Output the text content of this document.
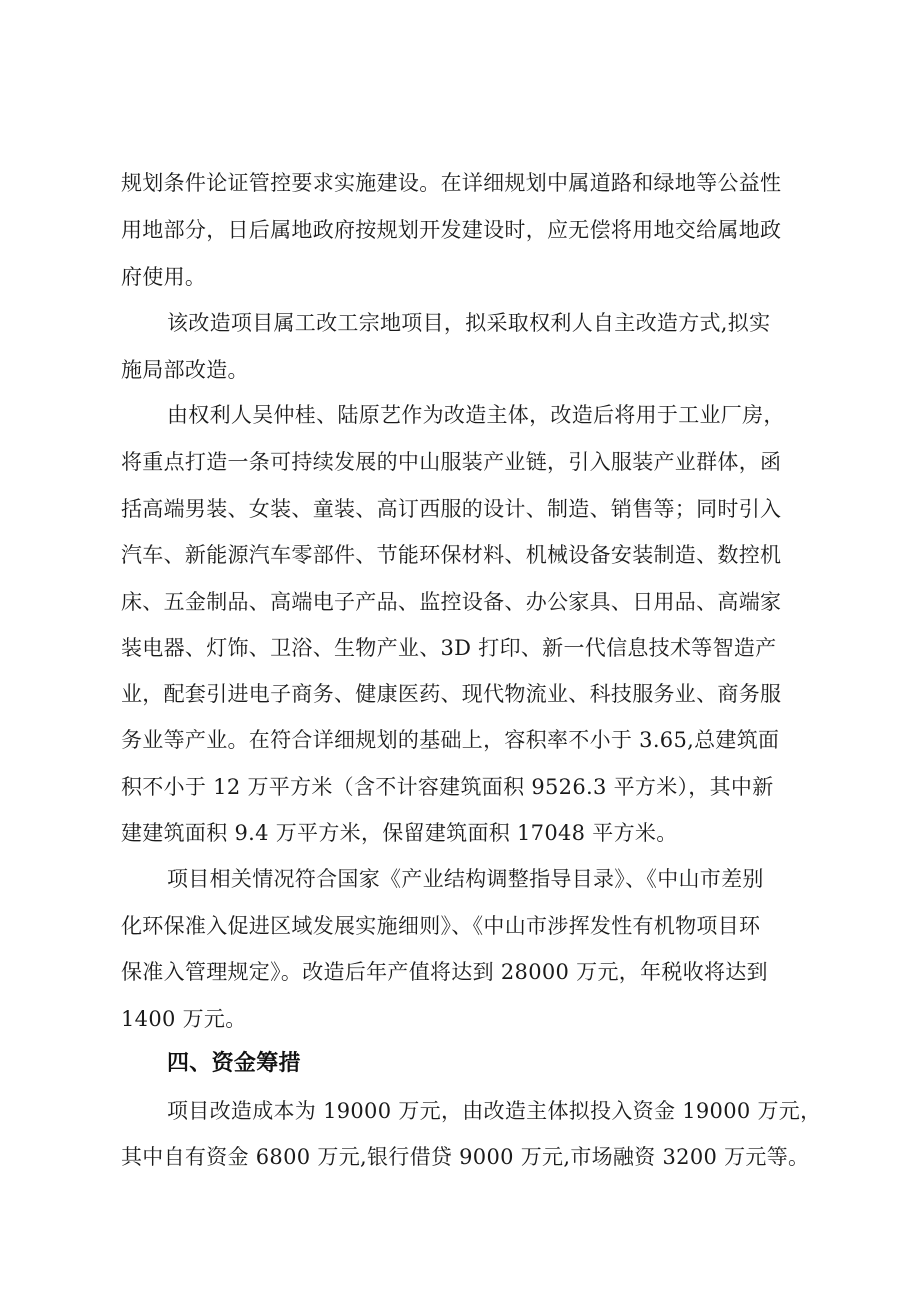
规划条件论证管控要求实施建设。在详细规划中属道路和绿地等公益性
用地部分，日后属地政府按规划开发建设时，应无偿将用地交给属地政
府使用。
该改造项目属工改工宗地项目，拟采取权利人自主改造方式,拟实
施局部改造。
由权利人吴仲桂、陆原艺作为改造主体，改造后将用于工业厂房，
将重点打造一条可持续发展的中山服装产业链，引入服装产业群体，函
括高端男装、女装、童装、高订西服的设计、制造、销售等；同时引入
汽车、新能源汽车零部件、节能环保材料、机械设备安装制造、数控机
床、五金制品、高端电子产品、监控设备、办公家具、日用品、高端家
装电器、灯饰、卫浴、生物产业、3D 打印、新一代信息技术等智造产
业，配套引进电子商务、健康医药、现代物流业、科技服务业、商务服
务业等产业。在符合详细规划的基础上，容积率不小于 3.65,总建筑面
积不小于 12 万平方米（含不计容建筑面积 9526.3 平方米），其中新
建建筑面积 9.4 万平方米，保留建筑面积 17048 平方米。
项目相关情况符合国家《产业结构调整指导目录》、《中山市差别
化环保准入促进区域发展实施细则》、《中山市涉挥发性有机物项目环
保准入管理规定》。改造后年产值将达到 28000 万元，年税收将达到
1400 万元。
四、资金筹措
项目改造成本为 19000 万元，由改造主体拟投入资金 19000 万元，
其中自有资金 6800 万元,银行借贷 9000 万元,市场融资 3200 万元等。
